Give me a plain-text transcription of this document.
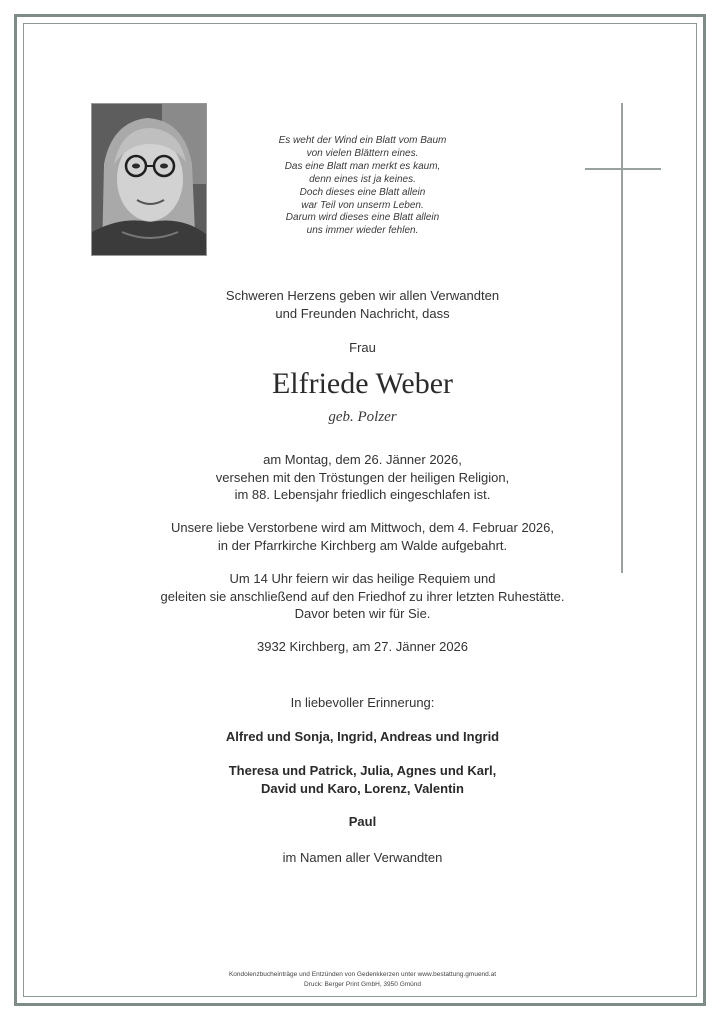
Es weht der Wind ein Blatt vom Baum
von vielen Blättern eines.
Das eine Blatt man merkt es kaum,
denn eines ist ja keines.
Doch dieses eine Blatt allein
war Teil von unserm Leben.
Darum wird dieses eine Blatt allein
uns immer wieder fehlen.
Schweren Herzens geben wir allen Verwandten
und Freunden Nachricht, dass
Frau
Elfriede Weber
geb. Polzer
am Montag, dem 26. Jänner 2026,
versehen mit den Tröstungen der heiligen Religion,
im 88. Lebensjahr friedlich eingeschlafen ist.
Unsere liebe Verstorbene wird am Mittwoch, dem 4. Februar 2026,
in der Pfarrkirche Kirchberg am Walde aufgebahrt.
Um 14 Uhr feiern wir das heilige Requiem und
geleiten sie anschließend auf den Friedhof zu ihrer letzten Ruhestätte.
Davor beten wir für Sie.
3932 Kirchberg, am 27. Jänner 2026
In liebevoller Erinnerung:
Alfred und Sonja, Ingrid, Andreas und Ingrid
Theresa und Patrick, Julia, Agnes und Karl,
David und Karo, Lorenz, Valentin
Paul
im Namen aller Verwandten
Kondolenzbucheinträge und Entzünden von Gedenkkerzen unter www.bestattung.gmuend.at
Druck: Berger Print GmbH, 3950 Gmünd
